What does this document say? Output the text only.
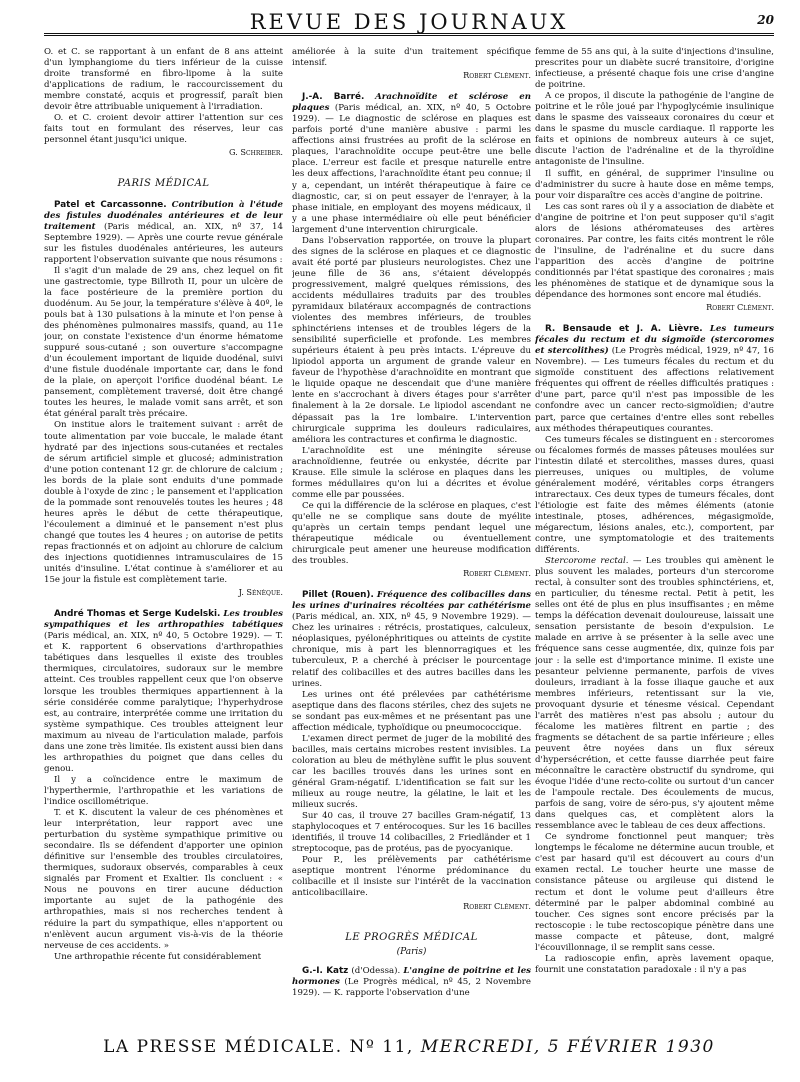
REVUE DES JOURNAUX	20

O. et C. se rapportant à un enfant de 8 ans atteint d'un lymphangiome du tiers inférieur de la cuisse droite transformé en fibro-lipome à la suite d'applications de radium, le raccourcissement du membre constaté, acquis et progressif, paraît bien devoir être attribuable uniquement à l'irradiation.

O. et C. croient devoir attirer l'attention sur ces faits tout en formulant des réserves, leur cas personnel étant jusqu'ici unique.

G. Schreiber.

PARIS MÉDICAL

Patel et Carcassonne. Contribution à l'étude des fistules duodénales antérieures et de leur traitement (Paris médical, an. XIX, nº 37, 14 Septembre 1929). — Après une courte revue générale sur les fistules duodénales antérieures, les auteurs rapportent l'observation suivante que nous résumons :

Il s'agit d'un malade de 29 ans, chez lequel on fit une gastrectomie, type Billroth II, pour un ulcère de la face postérieure de la première portion du duodénum. Au 5e jour, la température s'élève à 40º, le pouls bat à 130 pulsations à la minute et l'on pense à des phénomènes pulmonaires massifs, quand, au 11e jour, on constate l'existence d'un énorme hématome suppuré sous-cutané ; son ouverture s'accompagne d'un écoulement important de liquide duodénal, suivi d'une fistule duodénale importante car, dans le fond de la plaie, on aperçoit l'orifice duodénal béant. Le pansement, complètement traversé, doit être changé toutes les heures, le malade vomit sans arrêt, et son état général paraît très précaire.

On institue alors le traitement suivant : arrêt de toute alimentation par voie buccale, le malade étant hydraté par des injections sous-cutanées et rectales de sérum artificiel simple et glucosé; administration d'une potion contenant 12 gr. de chlorure de calcium ; les bords de la plaie sont enduits d'une pommade double à l'oxyde de zinc ; le pansement et l'application de la pommade sont renouvelés toutes les heures ; 48 heures après le début de cette thérapeutique, l'écoulement a diminué et le pansement n'est plus changé que toutes les 4 heures ; on autorise de petits repas fractionnés et on adjoint au chlorure de calcium des injections quotidiennes intramusculaires de 15 unités d'insuline. L'état continue à s'améliorer et au 15e jour la fistule est complètement tarie.

J. Sénèque.

André Thomas et Serge Kudelski. Les troubles sympathiques et les arthropathies tabétiques (Paris médical, an. XIX, nº 40, 5 Octobre 1929). — T. et K. rapportent 6 observations d'arthropathies tabétiques dans lesquelles il existe des troubles thermiques, circulatoires, sudoraux sur le membre atteint. Ces troubles rappellent ceux que l'on observe lorsque les troubles thermiques appartiennent à la série considérée comme paralytique; l'hyperhydrose est, au contraire, interprétée comme une irritation du système sympathique. Ces troubles atteignent leur maximum au niveau de l'articulation malade, parfois dans une zone très limitée. Ils existent aussi bien dans les arthropathies du poignet que dans celles du genou.

Il y a coïncidence entre le maximum de l'hyperthermie, l'arthropathie et les variations de l'indice oscillométrique.

T. et K. discutent la valeur de ces phénomènes et leur interprétation, leur rapport avec une perturbation du système sympathique primitive ou secondaire. Ils se défendent d'apporter une opinion définitive sur l'ensemble des troubles circulatoires, thermiques, sudoraux observés, comparables à ceux signalés par Froment et Exaltier. Ils concluent : « Nous ne pouvons en tirer aucune déduction importante au sujet de la pathogénie des arthropathies, mais si nos recherches tendent à réduire la part du sympathique, elles n'apportent ou n'enlèvent aucun argument vis-à-vis de la théorie nerveuse de ces accidents. »

Une arthropathie récente fut considérablement

améliorée à la suite d'un traitement spécifique intensif.

Robert Clément.

J.-A. Barré. Arachnoïdite et sclérose en plaques (Paris médical, an. XIX, nº 40, 5 Octobre 1929). — Le diagnostic de sclérose en plaques est parfois porté d'une manière abusive : parmi les affections ainsi frustrées au profit de la sclérose en plaques, l'arachnoïdite occupe peut-être une belle place. L'erreur est facile et presque naturelle entre les deux affections, l'arachnoïdite étant peu connue; il y a, cependant, un intérêt thérapeutique à faire ce diagnostic, car, si on peut essayer de l'enrayer, à la phase initiale, en employant des moyens médicaux, il y a une phase intermédiaire où elle peut bénéficier largement d'une intervention chirurgicale.

Dans l'observation rapportée, on trouve la plupart des signes de la sclérose en plaques et ce diagnostic avait été porté par plusieurs neurologistes. Chez une jeune fille de 36 ans, s'étaient développés progressivement, malgré quelques rémissions, des accidents médullaires traduits par des troubles pyramidaux bilatéraux accompagnés de contractions violentes des membres inférieurs, de troubles sphinctériens intenses et de troubles légers de la sensibilité superficielle et profonde. Les membres supérieurs étaient à peu près intacts. L'épreuve du lipiodol apporta un argument de grande valeur en faveur de l'hypothèse d'arachnoïdite en montrant que le liquide opaque ne descendait que d'une manière lente en s'accrochant à divers étages pour s'arrêter finalement à la 2e dorsale. Le lipiodol ascendant ne dépassait pas la 1re lombaire. L'intervention chirurgicale supprima les douleurs radiculaires, améliora les contractures et confirma le diagnostic.

L'arachnoïdite est une méningite séreuse arachnoïdienne, feutrée ou enkystée, décrite par Krause. Elle simule la sclérose en plaques dans les formes médullaires qu'on lui a décrites et évolue comme elle par poussées.

Ce qui la différencie de la sclérose en plaques, c'est qu'elle ne se complique sans doute de myélite qu'après un certain temps pendant lequel une thérapeutique médicale ou éventuellement chirurgicale peut amener une heureuse modification des troubles.

Robert Clément.

Pillet (Rouen). Fréquence des colibacilles dans les urines d'urinaires récoltées par cathétérisme (Paris médical, an. XIX, nº 45, 9 Novembre 1929). — Chez les urinaires : rétrécis, prostatiques, calculeux, néoplasiques, pyélonéphritiques ou atteints de cystite chronique, mis à part les blennorragiques et les tuberculeux, P. a cherché à préciser le pourcentage relatif des colibacilles et des autres bacilles dans les urines.

Les urines ont été prélevées par cathétérisme aseptique dans des flacons stériles, chez des sujets ne se sondant pas eux-mêmes et ne présentant pas une affection médicale, typhoïdique ou pneumococcique.

L'examen direct permet de juger de la mobilité des bacilles, mais certains microbes restent invisibles. La coloration au bleu de méthylène suffit le plus souvent car les bacilles trouvés dans les urines sont en général Gram-négatif. L'identification se fait sur les milieux au rouge neutre, la gélatine, le lait et les milieux sucrés.

Sur 40 cas, il trouve 27 bacilles Gram-négatif, 13 staphylocoques et 7 entérocoques. Sur les 16 bacilles identifiés, il trouve 14 colibacilles, 2 Friedländer et 1 streptocoque, pas de protéus, pas de pyocyanique.

Pour P., les prélèvements par cathétérisme aseptique montrent l'énorme prédominance du colibacille et il insiste sur l'intérêt de la vaccination anticolibacillaire.

Robert Clément.

LE PROGRÈS MÉDICAL

(Paris)

G.-I. Katz (d'Odessa). L'angine de poitrine et les hormones (Le Progrès médical, nº 45, 2 Novembre 1929). — K. rapporte l'observation d'une

femme de 55 ans qui, à la suite d'injections d'insuline, prescrites pour un diabète sucré transitoire, d'origine infectieuse, a présenté chaque fois une crise d'angine de poitrine.

A ce propos, il discute la pathogénie de l'angine de poitrine et le rôle joué par l'hypoglycémie insulinique dans le spasme des vaisseaux coronaires du cœur et dans le spasme du muscle cardiaque. Il rapporte les faits et opinions de nombreux auteurs à ce sujet, discute l'action de l'adrénaline et de la thyroïdine antagoniste de l'insuline.

Il suffit, en général, de supprimer l'insuline ou d'administrer du sucre à haute dose en même temps, pour voir disparaître ces accès d'angine de poitrine.

Les cas sont rares où il y a association de diabète et d'angine de poitrine et l'on peut supposer qu'il s'agit alors de lésions athéromateuses des artères coronaires. Par contre, les faits cités montrent le rôle de l'insuline, de l'adrénaline et du sucre dans l'apparition des accès d'angine de poitrine conditionnés par l'état spastique des coronaires ; mais les phénomènes de statique et de dynamique sous la dépendance des hormones sont encore mal étudiés.

Robert Clément.

R. Bensaude et J. A. Lièvre. Les tumeurs fécales du rectum et du sigmoïde (stercoromes et stercolithes) (Le Progrès médical, 1929, nº 47, 16 Novembre). — Les tumeurs fécales du rectum et du sigmoïde constituent des affections relativement fréquentes qui offrent de réelles difficultés pratiques : d'une part, parce qu'il n'est pas impossible de les confondre avec un cancer recto-sigmoïdien; d'autre part, parce que certaines d'entre elles sont rebelles aux méthodes thérapeutiques courantes.

Ces tumeurs fécales se distinguent en : stercoromes ou fécalomes formés de masses pâteuses moulées sur l'intestin dilaté et stercolithes, masses dures, quasi pierreuses, uniques ou multiples, de volume généralement modéré, véritables corps étrangers intrarectaux. Ces deux types de tumeurs fécales, dont l'étiologie est faite des mêmes éléments (atonie intestinale, ptoses, adhérences, mégasigmoïde, mégarectum, lésions anales, etc.), comportent, par contre, une symptomatologie et des traitements différents.

Stercorome rectal. — Les troubles qui amènent le plus souvent les malades, porteurs d'un stercorome rectal, à consulter sont des troubles sphinctériens, et, en particulier, du ténesme rectal. Petit à petit, les selles ont été de plus en plus insuffisantes ; en même temps la défécation devenait douloureuse, laissait une sensation persistante de besoin d'expulsion. Le malade en arrive à se présenter à la selle avec une fréquence sans cesse augmentée, dix, quinze fois par jour : la selle est d'importance minime. Il existe une pesanteur pelvienne permanente, parfois de vives douleurs, irradiant à la fosse iliaque gauche et aux membres inférieurs, retentissant sur la vie, provoquant dysurie et ténesme vésical. Cependant l'arrêt des matières n'est pas absolu ; autour du fécalome les matières filtrent en partie ; des fragments se détachent de sa partie inférieure ; elles peuvent être noyées dans un flux séreux d'hypersécrétion, et cette fausse diarrhée peut faire méconnaître le caractère obstructif du syndrome, qui évoque l'idée d'une recto-colite ou surtout d'un cancer de l'ampoule rectale. Des écoulements de mucus, parfois de sang, voire de séro-pus, s'y ajoutent même dans quelques cas, et complètent alors la ressemblance avec le tableau de ces deux affections.

Ce syndrome fonctionnel peut manquer; très longtemps le fécalome ne détermine aucun trouble, et c'est par hasard qu'il est découvert au cours d'un examen rectal. Le toucher heurte une masse de consistance pâteuse ou argileuse qui distend le rectum et dont le volume peut d'ailleurs être déterminé par le palper abdominal combiné au toucher. Ces signes sont encore précisés par la rectoscopie : le tube rectoscopique pénètre dans une masse compacte et pâteuse, dont, malgré l'écouvillonnage, il se remplit sans cesse.

La radioscopie enfin, après lavement opaque, fournit une constatation paradoxale : il n'y a pas

LA PRESSE MÉDICALE. Nº 11, MERCREDI, 5 FÉVRIER 1930
